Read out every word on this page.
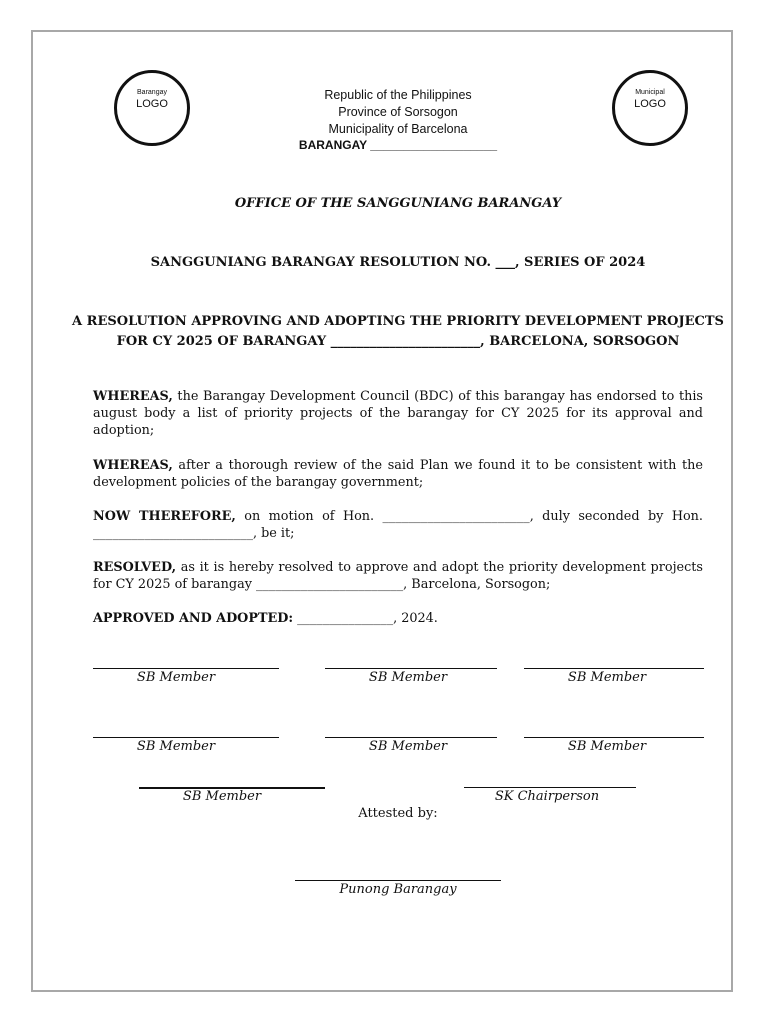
Barangay
LOGO
Municipal
LOGO
Republic of the Philippines
Province of Sorsogon
Municipality of Barcelona
BARANGAY ___________________
OFFICE OF THE SANGGUNIANG BARANGAY
SANGGUNIANG BARANGAY RESOLUTION NO. ___, SERIES OF 2024
A RESOLUTION APPROVING AND ADOPTING THE PRIORITY DEVELOPMENT PROJECTS
FOR CY 2025 OF BARANGAY _______________________, BARCELONA, SORSOGON
WHEREAS, the Barangay Development Council (BDC) of this barangay has endorsed to this august body a list of priority projects of the barangay for CY 2025 for its approval and adoption;
WHEREAS, after a thorough review of the said Plan we found it to be consistent with the development policies of the barangay government;
NOW THEREFORE, on motion of Hon. _______________________, duly seconded by Hon. _________________________, be it;
RESOLVED, as it is hereby resolved to approve and adopt the priority development projects for CY 2025 of barangay _______________________, Barcelona, Sorsogon;
APPROVED AND ADOPTED: _______________, 2024.
SB Member	SB Member	SB Member
SB Member	SB Member	SB Member
SB Member	SK Chairperson
Attested by:
Punong Barangay
